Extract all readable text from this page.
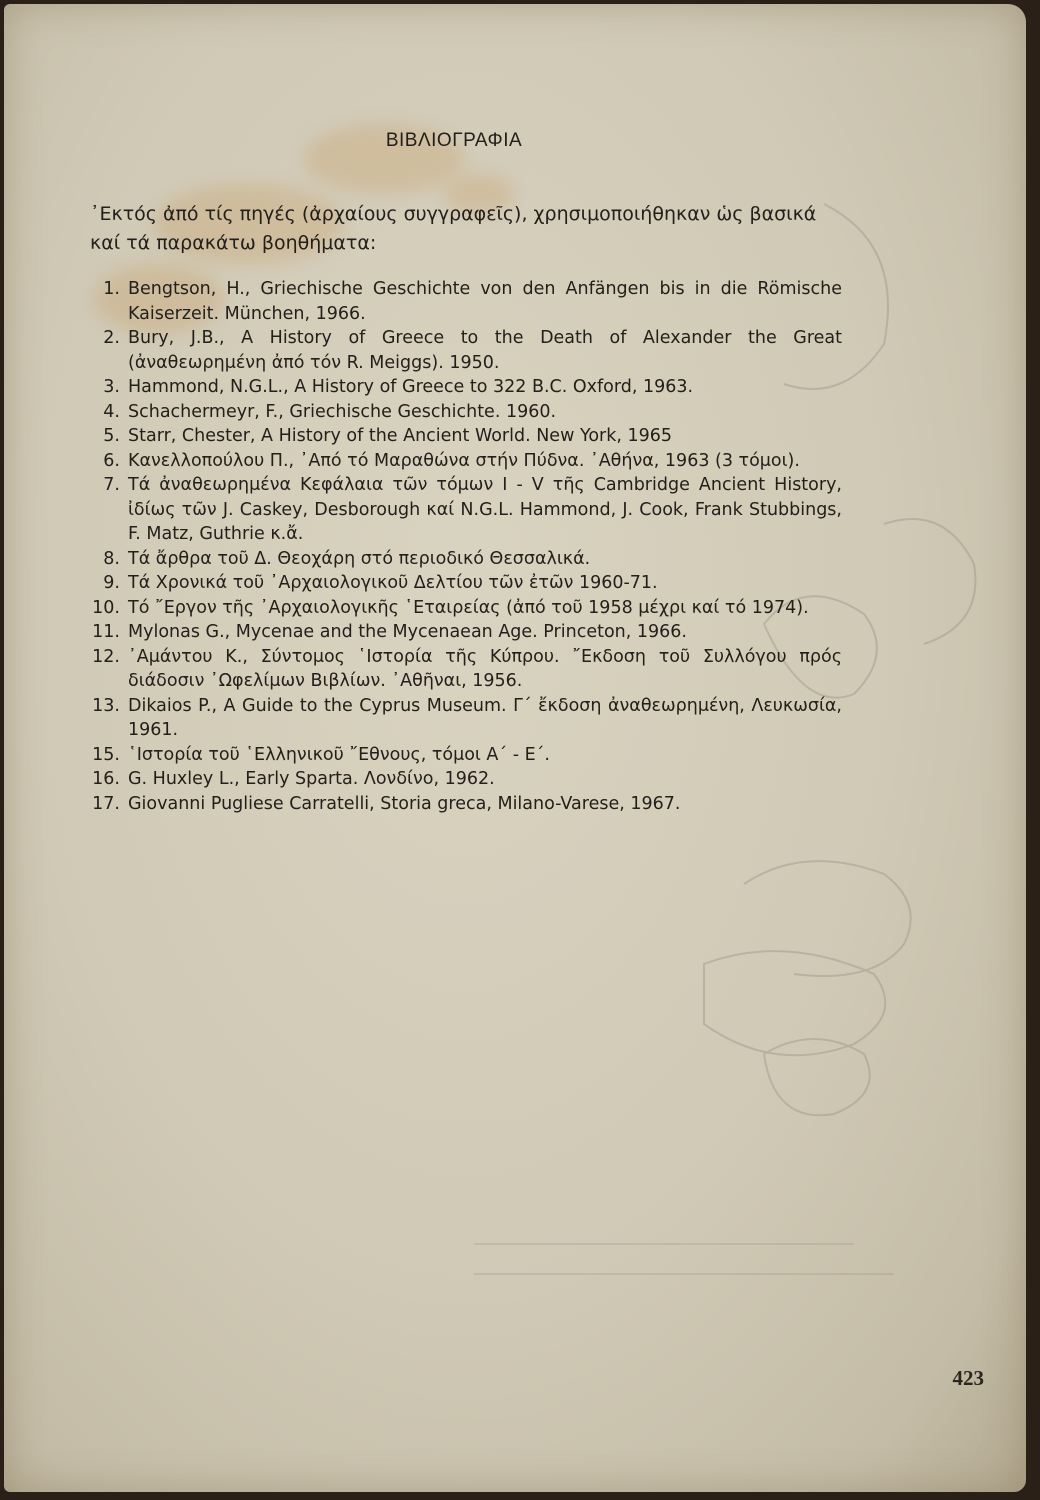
ΒΙΒΛΙΟΓΡΑΦΙΑ

᾿Εκτός ἀπό τίς πηγές (ἀρχαίους συγγραφεῖς), χρησιμοποιήθηκαν ὡς βασικά καί τά παρακάτω βοηθήματα:

1. Bengtson, H., Griechische Geschichte von den Anfängen bis in die Römische Kaiserzeit. München, 1966.
2. Bury, J.B., A History of Greece to the Death of Alexander the Great (ἀναθεωρημένη ἀπό τόν R. Meiggs). 1950.
3. Hammond, N.G.L., A History of Greece to 322 B.C. Oxford, 1963.
4. Schachermeyr, F., Griechische Geschichte. 1960.
5. Starr, Chester, A History of the Ancient World. New York, 1965
6. Κανελλοπούλου Π., ᾿Από τό Μαραθώνα στήν Πύδνα. ᾿Αθήνα, 1963 (3 τόμοι).
7. Τά ἀναθεωρημένα Κεφάλαια τῶν τόμων I - V τῆς Cambridge Ancient History, ἰδίως τῶν J. Caskey, Desborough καί N.G.L. Hammond, J. Cook, Frank Stubbings, F. Matz, Guthrie κ.ἄ.
8. Τά ἄρθρα τοῦ Δ. Θεοχάρη στό περιοδικό Θεσσαλικά.
9. Τά Χρονικά τοῦ ᾿Αρχαιολογικοῦ Δελτίου τῶν ἐτῶν 1960-71.
10. Τό ῎Εργον τῆς ᾿Αρχαιολογικῆς ῾Εταιρείας (ἀπό τοῦ 1958 μέχρι καί τό 1974).
11. Mylonas G., Mycenae and the Mycenaean Age. Princeton, 1966.
12. ᾿Αμάντου Κ., Σύντομος ῾Ιστορία τῆς Κύπρου. ῎Εκδοση τοῦ Συλλόγου πρός διάδοσιν ᾿Ωφελίμων Βιβλίων. ᾿Αθῆναι, 1956.
13. Dikaios P., A Guide to the Cyprus Museum. Γ΄ ἔκδοση ἀναθεωρημένη, Λευκωσία, 1961.
15. ῾Ιστορία τοῦ ῾Ελληνικοῦ ῎Εθνους, τόμοι Α΄ - Ε΄.
16. G. Huxley L., Early Sparta. Λονδίνο, 1962.
17. Giovanni Pugliese Carratelli, Storia greca, Milano-Varese, 1967.
423
